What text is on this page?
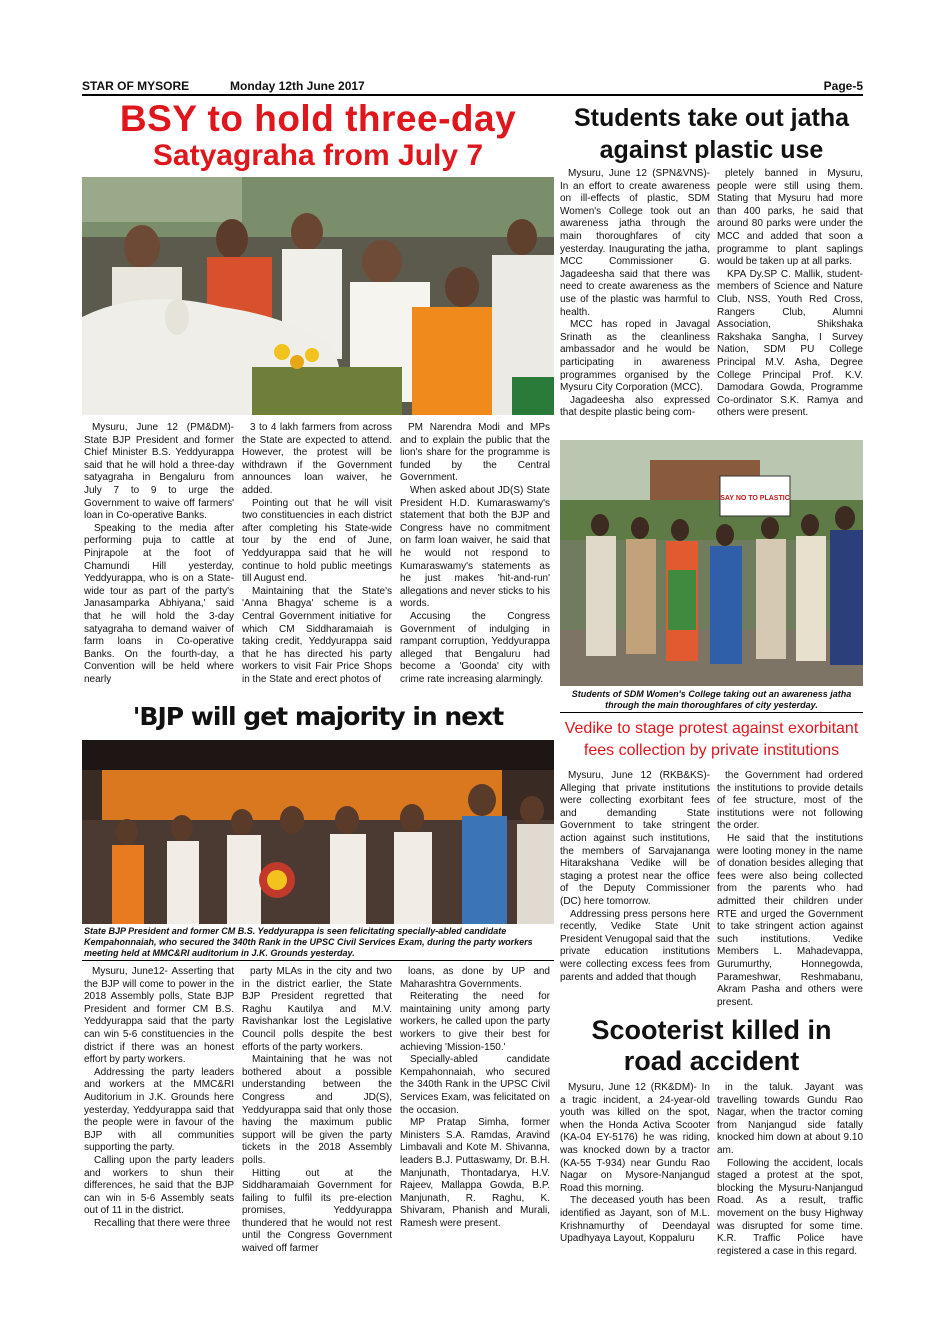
STAR OF MYSORE	Monday 12th June 2017	Page-5
BSY to hold three-day
Satyagraha from July 7

Mysuru, June 12 (PM&DM)- State BJP President and former Chief Minister B.S. Yeddyurappa said that he will hold a three-day satyagraha in Bengaluru from July 7 to 9 to urge the Government to waive off farmers' loan in Co-operative Banks.

Speaking to the media after performing puja to cattle at Pinjrapole at the foot of Chamundi Hill yesterday, Yeddyurappa, who is on a State-wide tour as part of the party's Janasamparka Abhiyana,' said that he will hold the 3-day satyagraha to demand waiver of farm loans in Co-operative Banks. On the fourth-day, a Convention will be held where nearly

3 to 4 lakh farmers from across the State are expected to attend. However, the protest will be withdrawn if the Government announces loan waiver, he added.

Pointing out that he will visit two constituencies in each district after completing his State-wide tour by the end of June, Yeddyurappa said that he will continue to hold public meetings till August end.

Maintaining that the State's 'Anna Bhagya' scheme is a Central Government initiative for which CM Siddharamaiah is taking credit, Yeddyurappa said that he has directed his party workers to visit Fair Price Shops in the State and erect photos of

PM Narendra Modi and MPs and to explain the public that the lion's share for the programme is funded by the Central Government.

When asked about JD(S) State President H.D. Kumaraswamy's statement that both the BJP and Congress have no commitment on farm loan waiver, he said that he would not respond to Kumaraswamy's statements as he just makes 'hit-and-run' allegations and never sticks to his words.

Accusing the Congress Government of indulging in rampant corruption, Yeddyurappa alleged that Bengaluru had become a 'Goonda' city with crime rate increasing alarmingly.

Students take out jatha
against plastic use

Mysuru, June 12 (SPN&VNS)- In an effort to create awareness on ill-effects of plastic, SDM Women's College took out an awareness jatha through the main thoroughfares of city yesterday. Inaugurating the jatha, MCC Commissioner G. Jagadeesha said that there was need to create awareness as the use of the plastic was harmful to health.

MCC has roped in Javagal Srinath as the cleanliness ambassador and he would be participating in awareness programmes organised by the Mysuru City Corporation (MCC).

Jagadeesha also expressed that despite plastic being com-

pletely banned in Mysuru, people were still using them. Stating that Mysuru had more than 400 parks, he said that around 80 parks were under the MCC and added that soon a programme to plant saplings would be taken up at all parks.

KPA Dy.SP C. Mallik, student-members of Science and Nature Club, NSS, Youth Red Cross, Rangers Club, Alumni Association, Shikshaka Rakshaka Sangha, I Survey Nation, SDM PU College Principal M.V. Asha, Degree College Principal Prof. K.V. Damodara Gowda, Programme Co-ordinator S.K. Ramya and others were present.

SAY NO TO PLASTIC
Students of SDM Women's College taking out an awareness jatha
through the main thoroughfares of city yesterday.
'BJP will get majority in next
State BJP President and former CM B.S. Yeddyurappa is seen felicitating specially-abled candidate
Kempahonnaiah, who secured the 340th Rank in the UPSC Civil Services Exam, during the party workers
meeting held at MMC&RI auditorium in J.K. Grounds yesterday.

Mysuru, June12- Asserting that the BJP will come to power in the 2018 Assembly polls, State BJP President and former CM B.S. Yeddyurappa said that the party can win 5-6 constituencies in the district if there was an honest effort by party workers.

Addressing the party leaders and workers at the MMC&RI Auditorium in J.K. Grounds here yesterday, Yeddyurappa said that the people were in favour of the BJP with all communities supporting the party.

Calling upon the party leaders and workers to shun their differences, he said that the BJP can win in 5-6 Assembly seats out of 11 in the district.

Recalling that there were three

party MLAs in the city and two in the district earlier, the State BJP President regretted that Raghu Kautilya and M.V. Ravishankar lost the Legislative Council polls despite the best efforts of the party workers.

Maintaining that he was not bothered about a possible understanding between the Congress and JD(S), Yeddyurappa said that only those having the maximum public support will be given the party tickets in the 2018 Assembly polls.

Hitting out at the Siddharamaiah Government for failing to fulfil its pre-election promises, Yeddyurappa thundered that he would not rest until the Congress Government waived off farmer

loans, as done by UP and Maharashtra Governments.

Reiterating the need for maintaining unity among party workers, he called upon the party workers to give their best for achieving 'Mission-150.'

Specially-abled candidate Kempahonnaiah, who secured the 340th Rank in the UPSC Civil Services Exam, was felicitated on the occasion.

MP Pratap Simha, former Ministers S.A. Ramdas, Aravind Limbavali and Kote M. Shivanna, leaders B.J. Puttaswamy, Dr. B.H. Manjunath, Thontadarya, H.V. Rajeev, Mallappa Gowda, B.P. Manjunath, R. Raghu, K. Shivaram, Phanish and Murali, Ramesh were present.

Vedike to stage protest against exorbitant
fees collection by private institutions

Mysuru, June 12 (RKB&KS)- Alleging that private institutions were collecting exorbitant fees and demanding State Government to take stringent action against such institutions, the members of Sarvajananga Hitarakshana Vedike will be staging a protest near the office of the Deputy Commissioner (DC) here tomorrow.

Addressing press persons here recently, Vedike State Unit President Venugopal said that the private education institutions were collecting excess fees from parents and added that though

the Government had ordered the institutions to provide details of fee structure, most of the institutions were not following the order.

He said that the institutions were looting money in the name of donation besides alleging that fees were also being collected from the parents who had admitted their children under RTE and urged the Government to take stringent action against such institutions. Vedike Members L. Mahadevappa, Gurumurthy, Honnegowda, Parameshwar, Reshmabanu, Akram Pasha and others were present.

Scooterist killed in
road accident

Mysuru, June 12 (RK&DM)- In a tragic incident, a 24-year-old youth was killed on the spot, when the Honda Activa Scooter (KA-04 EY-5176) he was riding, was knocked down by a tractor (KA-55 T-934) near Gundu Rao Nagar on Mysore-Nanjangud Road this morning.

The deceased youth has been identified as Jayant, son of M.L. Krishnamurthy of Deendayal Upadhyaya Layout, Koppaluru

in the taluk. Jayant was travelling towards Gundu Rao Nagar, when the tractor coming from Nanjangud side fatally knocked him down at about 9.10 am.

Following the accident, locals staged a protest at the spot, blocking the Mysuru-Nanjangud Road. As a result, traffic movement on the busy Highway was disrupted for some time. K.R. Traffic Police have registered a case in this regard.
